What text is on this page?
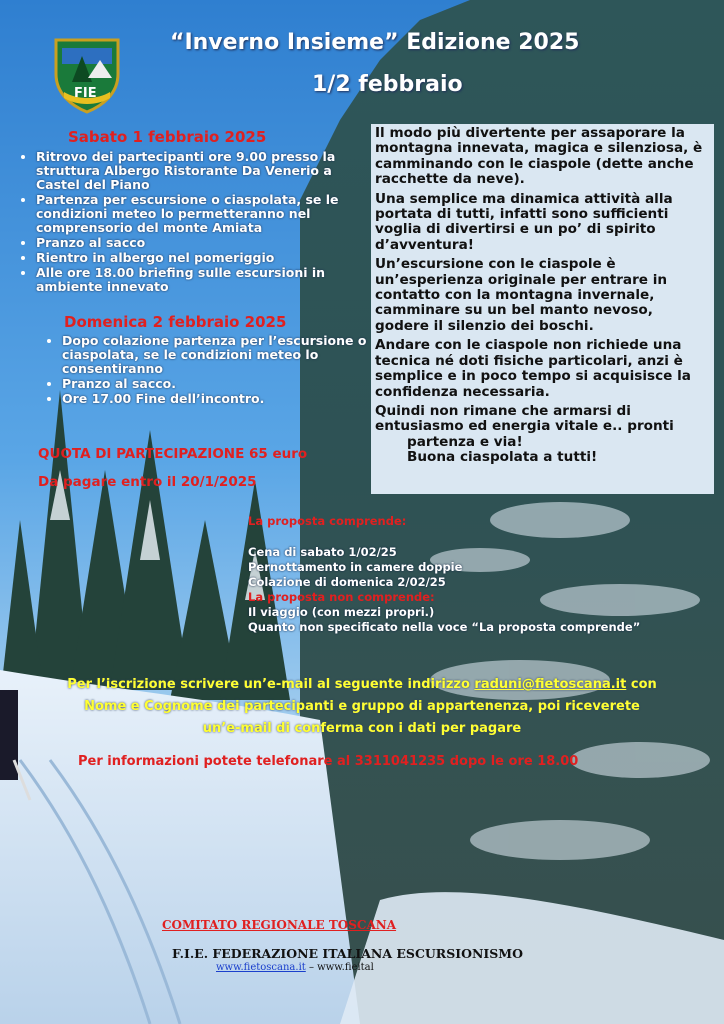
FIE
“Inverno Insieme” Edizione 2025
1/2 febbraio
Sabato 1 febbraio 2025
• Ritrovo dei partecipanti ore 9.00 presso la struttura Albergo Ristorante Da Venerio a Castel del Piano
• Partenza per escursione o ciaspolata, se le condizioni meteo lo permetteranno nel comprensorio del monte Amiata
• Pranzo al sacco
• Rientro in albergo nel pomeriggio
• Alle ore 18.00 briefing sulle escursioni in ambiente innevato
Domenica 2 febbraio 2025
• Dopo colazione partenza per l’escursione o ciaspolata, se le condizioni meteo lo consentiranno
• Pranzo al sacco.
• Ore 17.00 Fine dell’incontro.
QUOTA DI PARTECIPAZIONE 65 euro
Da pagare entro il 20/1/2025

Il modo più divertente per assaporare la montagna innevata, magica e silenziosa, è camminando con le ciaspole (dette anche racchette da neve).

Una semplice ma dinamica attività alla portata di tutti, infatti sono sufficienti voglia di divertirsi e un po’ di spirito d’avventura!

Un’escursione con le ciaspole è un’esperienza originale per entrare in contatto con la montagna invernale, camminare su un bel manto nevoso, godere il silenzio dei boschi.

Andare con le ciaspole non richiede una tecnica né doti fisiche particolari, anzi è semplice e in poco tempo si acquisisce la confidenza necessaria.

Quindi non rimane che armarsi di entusiasmo ed energia vitale e.. pronti

partenza e via!

Buona ciaspolata a tutti!

La proposta comprende:

Cena di sabato 1/02/25

Pernottamento in camere doppie

Colazione di domenica 2/02/25

La proposta non comprende:

Il viaggio (con mezzi propri.)

Quanto non specificato nella voce “La proposta comprende”

Per l’iscrizione scrivere un’e-mail al seguente indirizzo raduni@fietoscana.it con
Nome e Cognome dei partecipanti e gruppo di appartenenza, poi riceverete
un’e-mail di conferma con i dati per pagare
Per informazioni potete telefonare al 3311041235 dopo le ore 18.00
COMITATO REGIONALE TOSCANA
F.I.E. FEDERAZIONE ITALIANA ESCURSIONISMO
www.fietoscana.it – www.fieital
